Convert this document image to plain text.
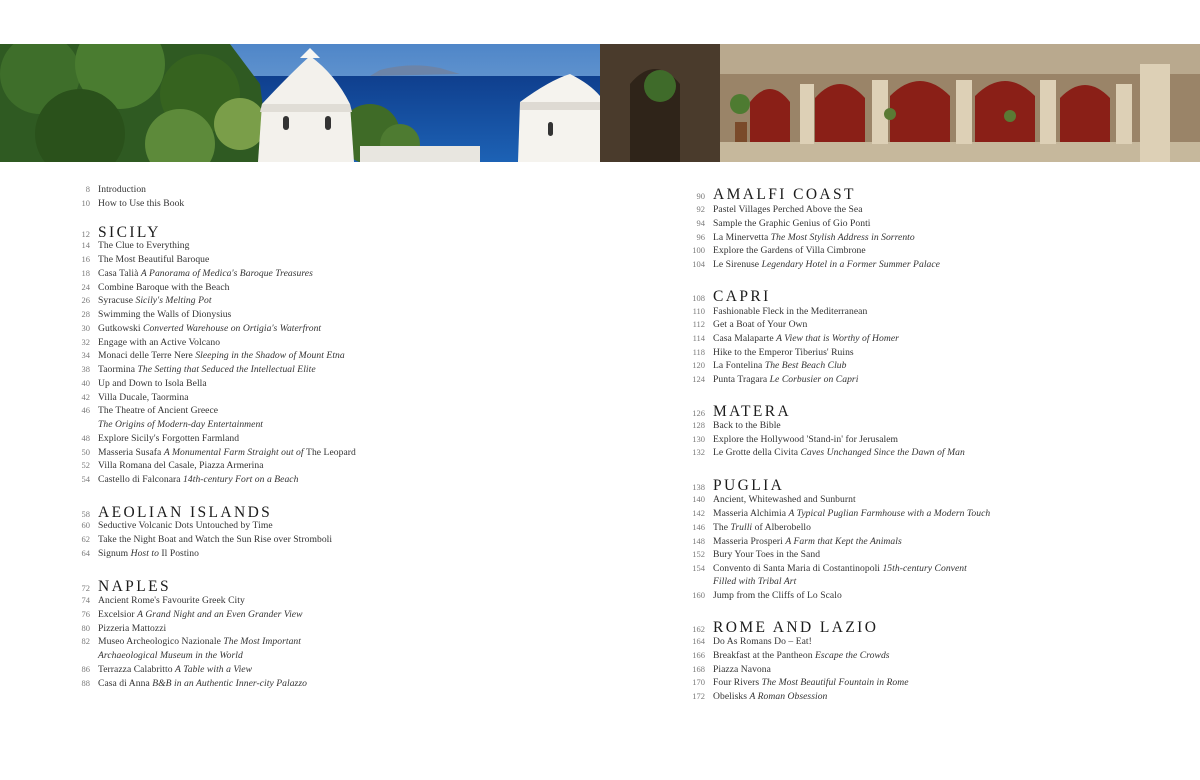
8 Introduction
10 How to Use this Book
12 SICILY
14 The Clue to Everything
16 The Most Beautiful Baroque
18 Casa Talià A Panorama of Medica's Baroque Treasures
24 Combine Baroque with the Beach
26 Syracuse Sicily's Melting Pot
28 Swimming the Walls of Dionysius
30 Gutkowski Converted Warehouse on Ortigia's Waterfront
32 Engage with an Active Volcano
34 Monaci delle Terre Nere Sleeping in the Shadow of Mount Etna
38 Taormina The Setting that Seduced the Intellectual Elite
40 Up and Down to Isola Bella
42 Villa Ducale, Taormina
46 The Theatre of Ancient Greece
The Origins of Modern-day Entertainment
48 Explore Sicily's Forgotten Farmland
50 Masseria Susafa A Monumental Farm Straight out of The Leopard
52 Villa Romana del Casale, Piazza Armerina
54 Castello di Falconara 14th-century Fort on a Beach
58 AEOLIAN ISLANDS
60 Seductive Volcanic Dots Untouched by Time
62 Take the Night Boat and Watch the Sun Rise over Stromboli
64 Signum Host to Il Postino
72 NAPLES
74 Ancient Rome's Favourite Greek City
76 Excelsior A Grand Night and an Even Grander View
80 Pizzeria Mattozzi
82 Museo Archeologico Nazionale The Most Important
Archaeological Museum in the World
86 Terrazza Calabritto A Table with a View
88 Casa di Anna B&B in an Authentic Inner-city Palazzo
90 AMALFI COAST
92 Pastel Villages Perched Above the Sea
94 Sample the Graphic Genius of Gio Ponti
96 La Minervetta The Most Stylish Address in Sorrento
100 Explore the Gardens of Villa Cimbrone
104 Le Sirenuse Legendary Hotel in a Former Summer Palace
108 CAPRI
110 Fashionable Fleck in the Mediterranean
112 Get a Boat of Your Own
114 Casa Malaparte A View that is Worthy of Homer
118 Hike to the Emperor Tiberius' Ruins
120 La Fontelina The Best Beach Club
124 Punta Tragara Le Corbusier on Capri
126 MATERA
128 Back to the Bible
130 Explore the Hollywood 'Stand-in' for Jerusalem
132 Le Grotte della Civita Caves Unchanged Since the Dawn of Man
138 PUGLIA
140 Ancient, Whitewashed and Sunburnt
142 Masseria Alchimia A Typical Puglian Farmhouse with a Modern Touch
146 The Trulli of Alberobello
148 Masseria Prosperi A Farm that Kept the Animals
152 Bury Your Toes in the Sand
154 Convento di Santa Maria di Costantinopoli 15th-century Convent
Filled with Tribal Art
160 Jump from the Cliffs of Lo Scalo
162 ROME AND LAZIO
164 Do As Romans Do – Eat!
166 Breakfast at the Pantheon Escape the Crowds
168 Piazza Navona
170 Four Rivers The Most Beautiful Fountain in Rome
172 Obelisks A Roman Obsession
